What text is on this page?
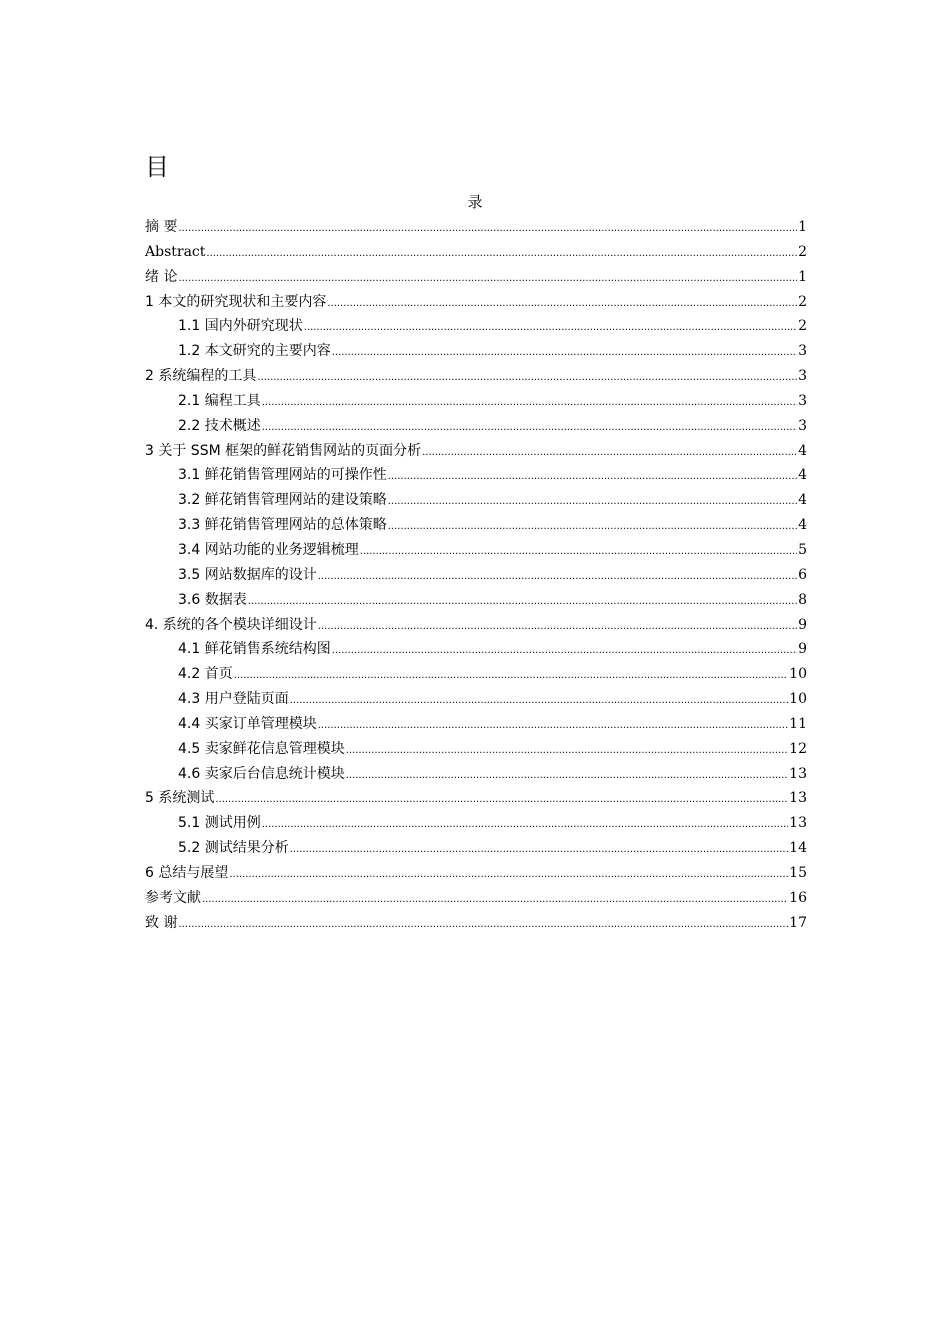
目
录
摘 要 .....	1
Abstract .....	2
绪 论 .....	1
1 本文的研究现状和主要内容 .....	2
1.1 国内外研究现状 .....	2
1.2 本文研究的主要内容 .....	3
2 系统编程的工具 .....	3
2.1 编程工具 .....	3
2.2 技术概述 .....	3
3 关于 SSM 框架的鲜花销售网站的页面分析 .....	4
3.1 鲜花销售管理网站的可操作性 .....	4
3.2 鲜花销售管理网站的建设策略 .....	4
3.3 鲜花销售管理网站的总体策略 .....	4
3.4 网站功能的业务逻辑梳理 .....	5
3.5 网站数据库的设计 .....	6
3.6 数据表 .....	8
4. 系统的各个模块详细设计 .....	9
4.1 鲜花销售系统结构图 .....	9
4.2 首页 .....	10
4.3 用户登陆页面 .....	10
4.4 买家订单管理模块 .....	11
4.5 卖家鲜花信息管理模块 .....	12
4.6 卖家后台信息统计模块 .....	13
5 系统测试 .....	13
5.1 测试用例 .....	13
5.2 测试结果分析 .....	14
6 总结与展望 .....	15
参考文献 .....	16
致 谢 .....	17
